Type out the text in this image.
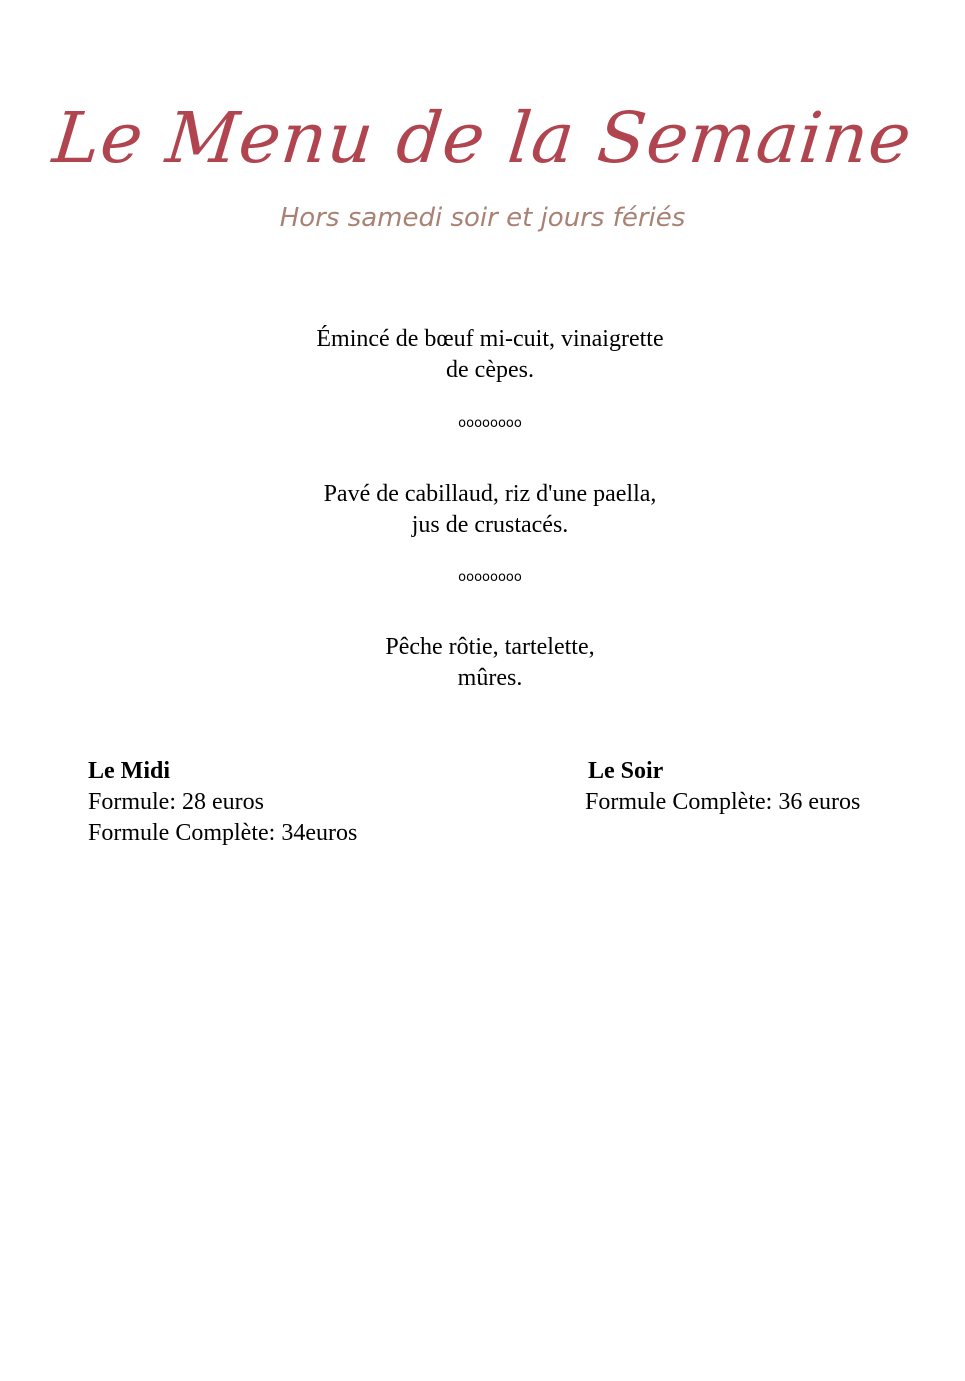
Le Menu de la Semaine
Hors samedi soir et jours fériés
Émincé de bœuf mi-cuit, vinaigrette
de cèpes.
oooooooo
Pavé de cabillaud, riz d'une paella,
jus de crustacés.
oooooooo
Pêche rôtie, tartelette,
mûres.
Le Midi
Formule: 28 euros
Formule Complète: 34euros
Le Soir
Formule Complète: 36 euros
